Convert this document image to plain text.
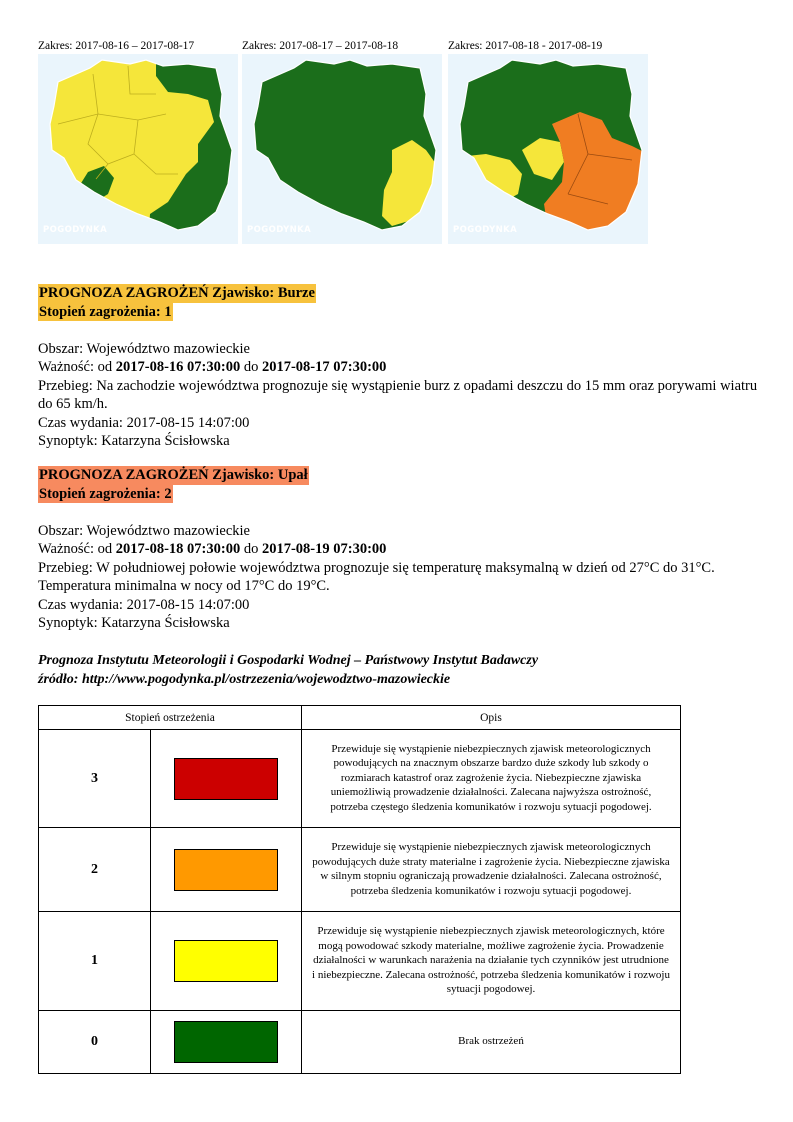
Zakres: 2017-08-16 – 2017-08-17
POGODYNKA
Zakres: 2017-08-17 – 2017-08-18
POGODYNKA
Zakres: 2017-08-18 - 2017-08-19
POGODYNKA
PROGNOZA ZAGROŻEŃ Zjawisko: Burze
Stopień zagrożenia: 1
Obszar: Województwo mazowieckie
Ważność: od 2017-08-16 07:30:00 do 2017-08-17 07:30:00
Przebieg: Na zachodzie województwa prognozuje się wystąpienie burz z opadami deszczu do 15 mm oraz porywami wiatru do 65 km/h.
Czas wydania: 2017-08-15 14:07:00
Synoptyk: Katarzyna Ścisłowska
PROGNOZA ZAGROŻEŃ Zjawisko: Upał
Stopień zagrożenia: 2
Obszar: Województwo mazowieckie
Ważność: od 2017-08-18 07:30:00 do 2017-08-19 07:30:00
Przebieg: W południowej połowie województwa prognozuje się temperaturę maksymalną w dzień od 27°C do 31°C. Temperatura minimalna w nocy od 17°C do 19°C.
Czas wydania: 2017-08-15 14:07:00
Synoptyk: Katarzyna Ścisłowska
Prognoza Instytutu Meteorologii i Gospodarki Wodnej – Państwowy Instytut Badawczy
źródło: http://www.pogodynka.pl/ostrzezenia/wojewodztwo-mazowieckie
Stopień ostrzeżenia		Opis
3		Przewiduje się wystąpienie niebezpiecznych zjawisk meteorologicznych powodujących na znacznym obszarze bardzo duże szkody lub szkody o rozmiarach katastrof oraz zagrożenie życia. Niebezpieczne zjawiska uniemożliwią prowadzenie działalności. Zalecana najwyższa ostrożność, potrzeba częstego śledzenia komunikatów i rozwoju sytuacji pogodowej.
2		Przewiduje się wystąpienie niebezpiecznych zjawisk meteorologicznych powodujących duże straty materialne i zagrożenie życia. Niebezpieczne zjawiska w silnym stopniu ograniczają prowadzenie działalności. Zalecana ostrożność, potrzeba śledzenia komunikatów i rozwoju sytuacji pogodowej.
1		Przewiduje się wystąpienie niebezpiecznych zjawisk meteorologicznych, które mogą powodować szkody materialne, możliwe zagrożenie życia. Prowadzenie działalności w warunkach narażenia na działanie tych czynników jest utrudnione i niebezpieczne. Zalecana ostrożność, potrzeba śledzenia komunikatów i rozwoju sytuacji pogodowej.
0		Brak ostrzeżeń
